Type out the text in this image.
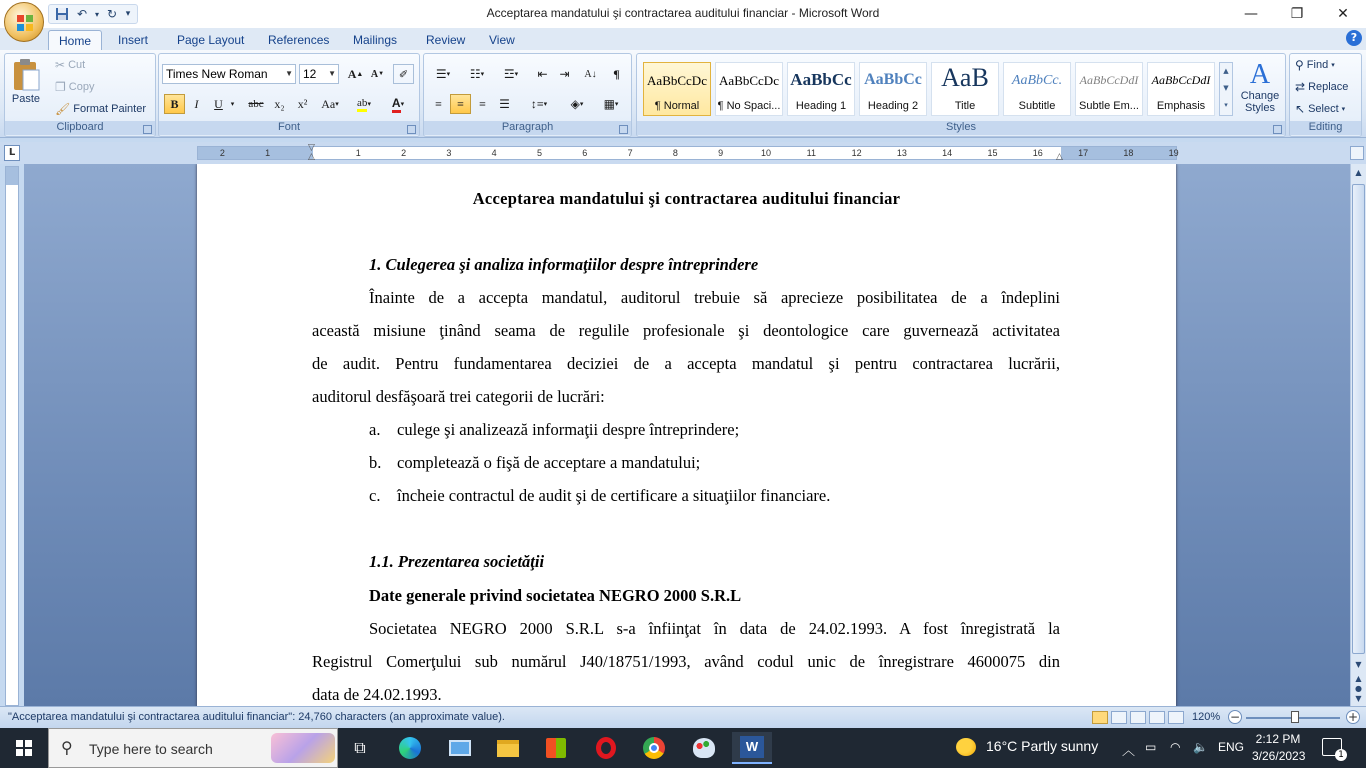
↶ ▾ ↻ ▾	Acceptarea mandatului şi contractarea auditului financiar - Microsoft Word	—	❐	✕
Home	Insert	Page Layout	References	Mailings	Review	View	?
Paste
✂ Cut
❐ Copy
🖌 Format Painter
Clipboard
Times New Roman ▼ 12 ▼ A ▲ A ▼ ✐
B	I	U	▾	abc x₂	x²	Aa ▾ ab ▾ A ▾
Font
☰ ▾ ☷ ▾ ☲ ▾ ⇤ ⇥ A↓	¶
≡ ≡ ≡ ☰ ↕≡ ▾ ◈ ▾ ▦ ▾
Paragraph
AaBbCcDc
¶ Normal
AaBbCcDc
¶ No Spaci...
AaBbCc
Heading 1
AaBbCc
Heading 2
AaB
Title
AaBbCc.
Subtitle
AaBbCcDdI
Subtle Em...
AaBbCcDdI
Emphasis
▲
▼
▾
A
Change Styles
Styles
⚲ Find ▾
⇄ Replace
↖ Select ▾
Editing
L	2	1	1	2	3	4	5	6	7	8	9	10	11	12	13	14	15	16	17	18	19
▽
△	△
Acceptarea mandatului şi contractarea auditului financiar
1. Culegerea şi analiza informaţiilor despre întreprindere
Înainte de a accepta mandatul, auditorul trebuie să aprecieze posibilitatea de a îndeplini
această misiune ţinând seama de regulile profesionale şi deontologice care guvernează activitatea
de audit. Pentru fundamentarea deciziei de a accepta mandatul şi pentru contractarea lucrării,
auditorul desfăşoară trei categorii de lucrări:
a. culege şi analizează informaţii despre întreprindere;
b. completează o fişă de acceptare a mandatului;
c. încheie contractul de audit şi de certificare a situaţiilor financiare.
1.1. Prezentarea societăţii
Date generale privind societatea NEGRO 2000 S.R.L
Societatea NEGRO 2000 S.R.L s-a înfiinţat în data de 24.02.1993. A fost înregistrată la
Registrul Comerţului sub numărul J40/18751/1993, având codul unic de înregistrare 4600075 din
data de 24.02.1993.
▲
▼
▲
●
▼
"Acceptarea mandatului şi contractarea auditului financiar": 24,760 characters (an approximate value).	120% −	+
⚲ Type here to search	⧉	W	16°C Partly sunny ︿ ▭ ◠ 🔈 ENG
2:12 PM
3/26/2023	1
